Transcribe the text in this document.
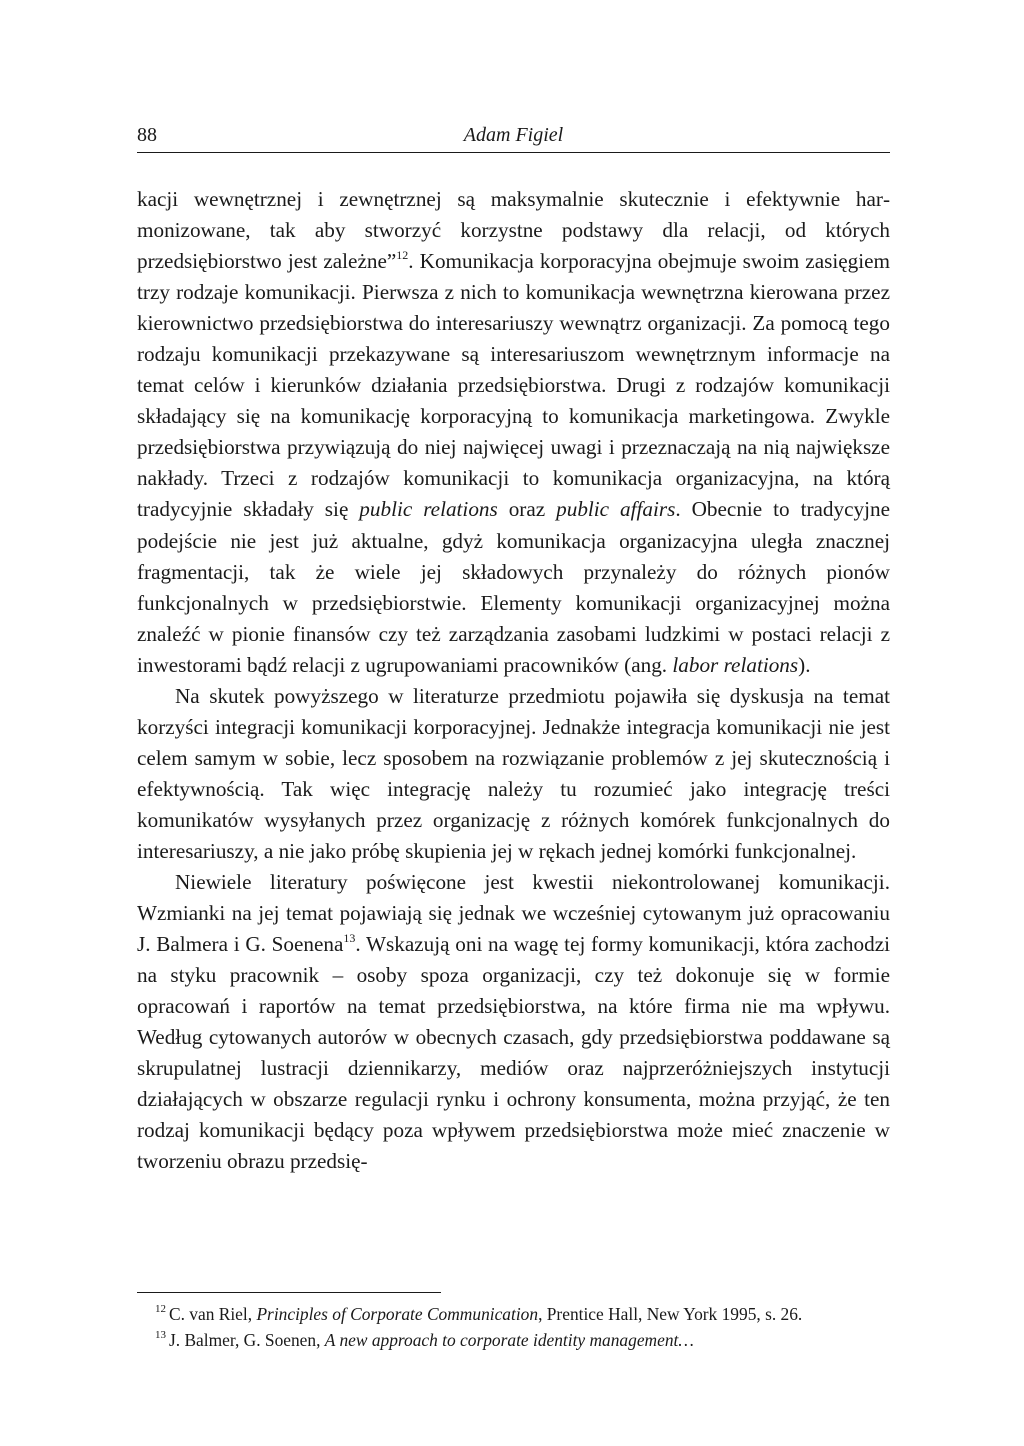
88	Adam Figiel

kacji wewnętrznej i zewnętrznej są maksymalnie skutecznie i efektywnie harmonizowane, tak aby stworzyć korzystne podstawy dla relacji, od których przedsiębiorstwo jest zależne”$^{12}$. Komunikacja korporacyjna obejmuje swoim zasięgiem trzy rodzaje komunikacji. Pierwsza z nich to komunikacja wewnętrzna kierowana przez kierownictwo przedsiębiorstwa do interesariuszy wewnątrz organizacji. Za pomocą tego rodzaju komunikacji przekazywane są interesariuszom wewnętrznym informacje na temat celów i kierunków działania przedsiębiorstwa. Drugi z rodzajów komunikacji składający się na komunikację korporacyjną to komunikacja marketingowa. Zwykle przedsiębiorstwa przywiązują do niej najwięcej uwagi i przeznaczają na nią największe nakłady. Trzeci z rodzajów komunikacji to komunikacja organizacyjna, na którą tradycyjnie składały się public relations oraz public affairs. Obecnie to tradycyjne podejście nie jest już aktualne, gdyż komunikacja organizacyjna uległa znacznej fragmentacji, tak że wiele jej składowych przynależy do różnych pionów funkcjonalnych w przedsiębiorstwie. Elementy komunikacji organizacyjnej można znaleźć w pionie finansów czy też zarządzania zasobami ludzkimi w postaci relacji z inwestorami bądź relacji z ugrupowaniami pracowników (ang. labor relations).

Na skutek powyższego w literaturze przedmiotu pojawiła się dyskusja na temat korzyści integracji komunikacji korporacyjnej. Jednakże integracja komunikacji nie jest celem samym w sobie, lecz sposobem na rozwiązanie problemów z jej skutecznością i efektywnością. Tak więc integrację należy tu rozumieć jako integrację treści komunikatów wysyłanych przez organizację z różnych komórek funkcjonalnych do interesariuszy, a nie jako próbę skupienia jej w rękach jednej komórki funkcjonalnej.

Niewiele literatury poświęcone jest kwestii niekontrolowanej komunikacji. Wzmianki na jej temat pojawiają się jednak we wcześniej cytowanym już opracowaniu J. Balmera i G. Soenena$^{13}$. Wskazują oni na wagę tej formy komunikacji, która zachodzi na styku pracownik – osoby spoza organizacji, czy też dokonuje się w formie opracowań i raportów na temat przedsiębiorstwa, na które firma nie ma wpływu. Według cytowanych autorów w obecnych czasach, gdy przedsiębiorstwa poddawane są skrupulatnej lustracji dziennikarzy, mediów oraz najprzeróżniejszych instytucji działających w obszarze regulacji rynku i ochrony konsumenta, można przyjąć, że ten rodzaj komunikacji będący poza wpływem przedsiębiorstwa może mieć znaczenie w tworzeniu obrazu przedsię-

$^{12}$ C. van Riel, Principles of Corporate Communication, Prentice Hall, New York 1995, s. 26.

$^{13}$ J. Balmer, G. Soenen, A new approach to corporate identity management…
